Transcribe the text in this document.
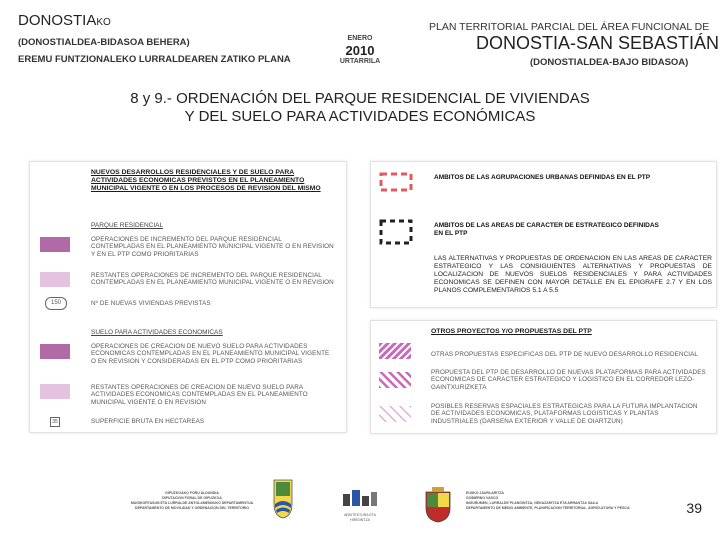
DONOSTIAKO
(DONOSTIALDEA-BIDASOA BEHERA)
EREMU FUNTZIONALEKO LURRALDEAREN ZATIKO PLANA
ENERO
2010
URTARRILA
PLAN TERRITORIAL PARCIAL DEL ÁREA FUNCIONAL DE
DONOSTIA-SAN SEBASTIÁN
(DONOSTIALDEA-BAJO BIDASOA)
8 y 9.- ORDENACIÓN DEL PARQUE RESIDENCIAL DE VIVIENDAS
Y DEL SUELO PARA ACTIVIDADES ECONÓMICAS
NUEVOS DESARROLLOS RESIDENCIALES Y DE SUELO PARA ACTIVIDADES ECONOMICAS PREVISTOS EN EL PLANEAMIENTO MUNICIPAL VIGENTE O EN LOS PROCESOS DE REVISION DEL MISMO
PARQUE RESIDENCIAL
OPERACIONES DE INCREMENTO DEL PARQUE RESIDENCIAL CONTEMPLADAS EN EL PLANEAMIENTO MUNICIPAL VIGENTE O EN REVISION Y EN EL PTP COMO PRIORITARIAS
RESTANTES OPERACIONES DE INCREMENTO DEL PARQUE RESIDENCIAL CONTEMPLADAS EN EL PLANEAMIENTO MUNICIPAL VIGENTE O EN REVISION
150	Nº DE NUEVAS VIVIENDAS PREVISTAS
SUELO PARA ACTIVIDADES ECONOMICAS
OPERACIONES DE CREACION DE NUEVO SUELO PARA ACTIVIDADES ECONOMICAS CONTEMPLADAS EN EL PLANEAMIENTO MUNICIPAL VIGENTE O EN REVISION Y CONSIDERADAS EN EL PTP COMO PRIORITARIAS
RESTANTES OPERACIONES DE CREACION DE NUEVO SUELO PARA ACTIVIDADES ECONOMICAS CONTEMPLADAS EN EL PLANEAMIENTO MUNICIPAL VIGENTE O EN REVISION
35	SUPERFICIE BRUTA EN HECTAREAS
AMBITOS DE LAS AGRUPACIONES URBANAS DEFINIDAS EN EL PTP
AMBITOS DE LAS AREAS DE CARACTER DE ESTRATEGICO DEFINIDAS EN EL PTP
LAS ALTERNATIVAS Y PROPUESTAS DE ORDENACION EN LAS AREAS DE CARACTER ESTRATEGICO Y LAS CONSIGUIENTES ALTERNATIVAS Y PROPUESTAS DE LOCALIZACION DE NUEVOS SUELOS RESIDENCIALES Y PARA ACTIVIDADES ECONOMICAS SE DEFINEN CON MAYOR DETALLE EN EL EPIGRAFE 2.7 Y EN LOS PLANOS COMPLEMENTARIOS 5.1 A 5.5
OTROS PROYECTOS Y/O PROPUESTAS DEL PTP
OTRAS PROPUESTAS ESPECIFICAS DEL PTP DE NUEVO DESARROLLO RESIDENCIAL
PROPUESTA DEL PTP DE DESARROLLO DE NUEVAS PLATAFORMAS PARA ACTIVIDADES ECONOMICAS DE CARACTER ESTRATEGICO Y LOGISTICO EN EL CORREDOR LEZO-GAINTXURIZKETA
POSIBLES RESERVAS ESPACIALES ESTRATEGICAS PARA LA FUTURA IMPLANTACION DE ACTIVIDADES ECONOMICAS, PLATAFORMAS LOGISTICAS Y PLANTAS INDUSTRIALES (DARSENA EXTERIOR Y VALLE DE OIARTZUN)
GIPUZKOAKO FORU ALDUNDIA
DIPUTACION FORAL DE GIPUZKOA
MUGIKORTASUN ETA LURRALDE ANTOLAMENDUKO DEPARTAMENTUA
DEPARTAMENTO DE MOVILIDAD Y ORDENACION DEL TERRITORIO
ARKITEKTURA ETA HIRIGINTZA
EUSKO JAURLARITZA
GOBIERNO VASCO
INGURUMEN, LURRALDE PLANGINTZA, NEKAZARITZA ETA ARRANTZA SAILA
DEPARTAMENTO DE MEDIO AMBIENTE, PLANIFICACION TERRITORIAL, AGRICULTURA Y PESCA	39
